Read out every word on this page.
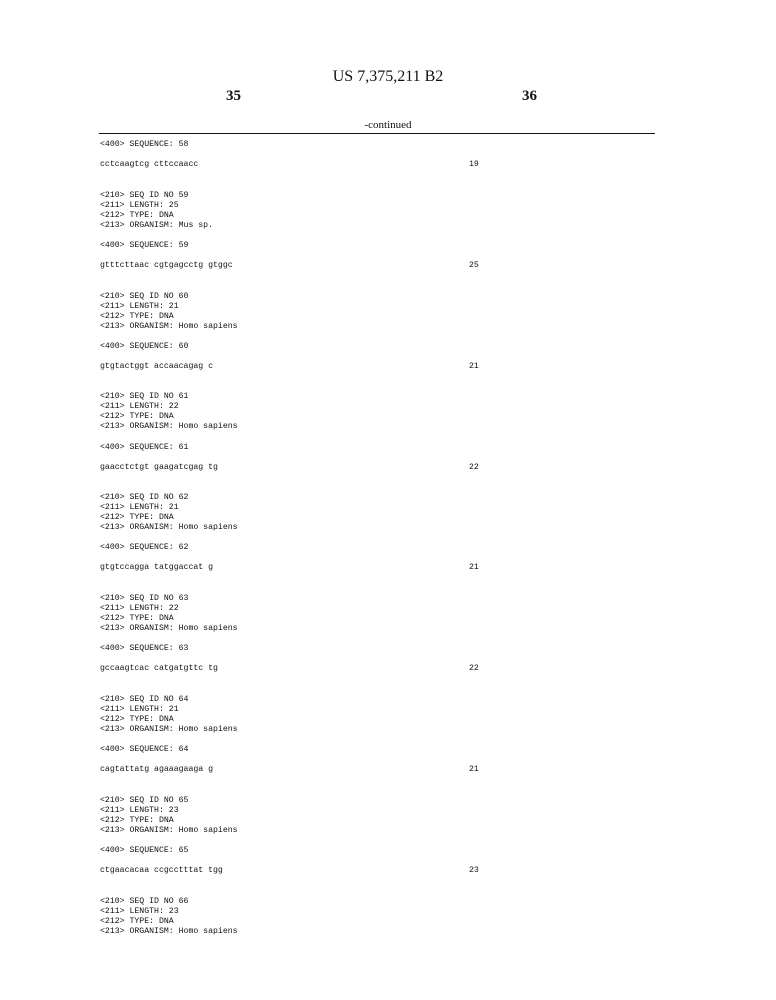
US 7,375,211 B2
35	36
-continued
<400> SEQUENCE: 58
cctcaagtcg cttccaacc	19
<210> SEQ ID NO 59
<211> LENGTH: 25
<212> TYPE: DNA
<213> ORGANISM: Mus sp.
<400> SEQUENCE: 59
gtttcttaac cgtgagcctg gtggc	25
<210> SEQ ID NO 60
<211> LENGTH: 21
<212> TYPE: DNA
<213> ORGANISM: Homo sapiens
<400> SEQUENCE: 60
gtgtactggt accaacagag c	21
<210> SEQ ID NO 61
<211> LENGTH: 22
<212> TYPE: DNA
<213> ORGANISM: Homo sapiens
<400> SEQUENCE: 61
gaacctctgt gaagatcgag tg	22
<210> SEQ ID NO 62
<211> LENGTH: 21
<212> TYPE: DNA
<213> ORGANISM: Homo sapiens
<400> SEQUENCE: 62
gtgtccagga tatggaccat g	21
<210> SEQ ID NO 63
<211> LENGTH: 22
<212> TYPE: DNA
<213> ORGANISM: Homo sapiens
<400> SEQUENCE: 63
gccaagtcac catgatgttc tg	22
<210> SEQ ID NO 64
<211> LENGTH: 21
<212> TYPE: DNA
<213> ORGANISM: Homo sapiens
<400> SEQUENCE: 64
cagtattatg agaaagaaga g	21
<210> SEQ ID NO 65
<211> LENGTH: 23
<212> TYPE: DNA
<213> ORGANISM: Homo sapiens
<400> SEQUENCE: 65
ctgaacacaa ccgcctttat tgg	23
<210> SEQ ID NO 66
<211> LENGTH: 23
<212> TYPE: DNA
<213> ORGANISM: Homo sapiens
